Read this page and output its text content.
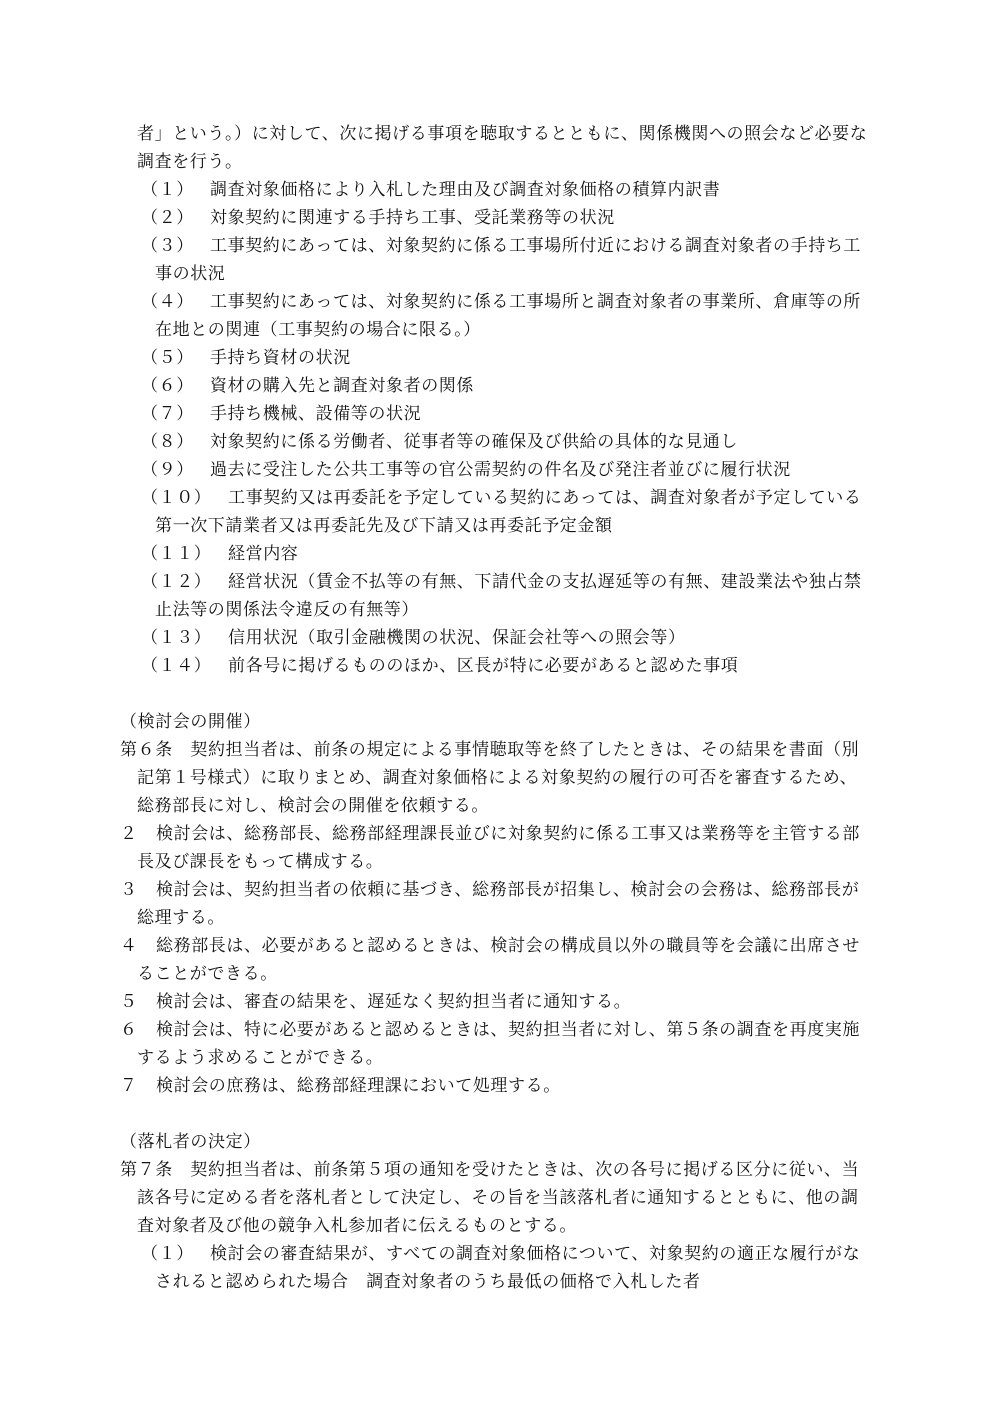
者」という。）に対して、次に掲げる事項を聴取するとともに、関係機関への照会など必要な
調査を行う。
（１） 調査対象価格により入札した理由及び調査対象価格の積算内訳書
（２） 対象契約に関連する手持ち工事、受託業務等の状況
（３） 工事契約にあっては、対象契約に係る工事場所付近における調査対象者の手持ち工
事の状況
（４） 工事契約にあっては、対象契約に係る工事場所と調査対象者の事業所、倉庫等の所
在地との関連（工事契約の場合に限る。）
（５） 手持ち資材の状況
（６） 資材の購入先と調査対象者の関係
（７） 手持ち機械、設備等の状況
（８） 対象契約に係る労働者、従事者等の確保及び供給の具体的な見通し
（９） 過去に受注した公共工事等の官公需契約の件名及び発注者並びに履行状況
（１０） 工事契約又は再委託を予定している契約にあっては、調査対象者が予定している
第一次下請業者又は再委託先及び下請又は再委託予定金額
（１１） 経営内容
（１２） 経営状況（賃金不払等の有無、下請代金の支払遅延等の有無、建設業法や独占禁
止法等の関係法令違反の有無等）
（１３） 信用状況（取引金融機関の状況、保証会社等への照会等）
（１４） 前各号に掲げるもののほか、区長が特に必要があると認めた事項
（検討会の開催）
第６条　契約担当者は、前条の規定による事情聴取等を終了したときは、その結果を書面（別
記第１号様式）に取りまとめ、調査対象価格による対象契約の履行の可否を審査するため、
総務部長に対し、検討会の開催を依頼する。
２ 検討会は、総務部長、総務部経理課長並びに対象契約に係る工事又は業務等を主管する部
長及び課長をもって構成する。
３ 検討会は、契約担当者の依頼に基づき、総務部長が招集し、検討会の会務は、総務部長が
総理する。
４ 総務部長は、必要があると認めるときは、検討会の構成員以外の職員等を会議に出席させ
ることができる。
５ 検討会は、審査の結果を、遅延なく契約担当者に通知する。
６ 検討会は、特に必要があると認めるときは、契約担当者に対し、第５条の調査を再度実施
するよう求めることができる。
７ 検討会の庶務は、総務部経理課において処理する。
（落札者の決定）
第７条　契約担当者は、前条第５項の通知を受けたときは、次の各号に掲げる区分に従い、当
該各号に定める者を落札者として決定し、その旨を当該落札者に通知するとともに、他の調
査対象者及び他の競争入札参加者に伝えるものとする。
（１） 検討会の審査結果が、すべての調査対象価格について、対象契約の適正な履行がな
されると認められた場合　調査対象者のうち最低の価格で入札した者
